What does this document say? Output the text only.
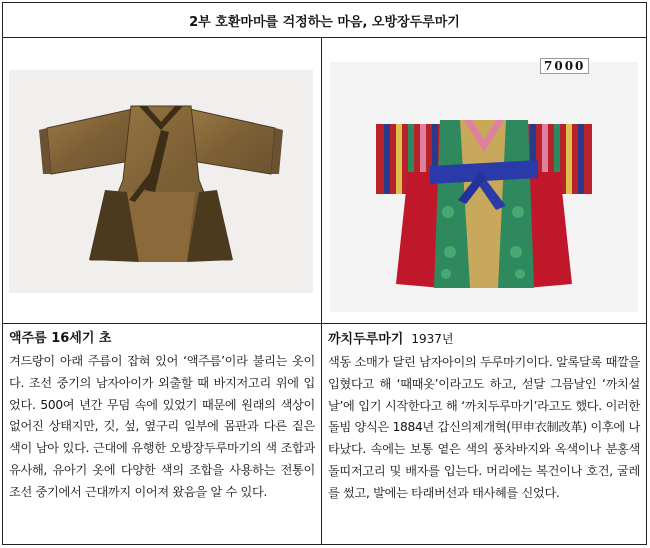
2부 호환마마를 걱정하는 마음, 오방장두루마기
7000
액주름 16세기 초
겨드랑이 아래 주름이 잡혀 있어 ‘액주름’이라 불리는 옷이다. 조선 중기의 남자아이가 외출할 때 바지저고리 위에 입었다. 500여 년간 무덤 속에 있었기 때문에 원래의 색상이 없어진 상태지만, 깃, 섶, 옆구리 일부에 몸판과 다른 짙은 색이 남아 있다. 근대에 유행한 오방장두루마기의 색 조합과 유사해, 유아기 옷에 다양한 색의 조합을 사용하는 전통이 조선 중기에서 근대까지 이어져 왔음을 알 수 있다.
까치두루마기 1937년
색동 소매가 달린 남자아이의 두루마기이다. 알록달록 때깔을 입혔다고 해 ‘때때옷’이라고도 하고, 섣달 그믐날인 ‘까치설날’에 입기 시작한다고 해 ‘까치두루마기’라고도 했다. 이러한 돌빔 양식은 1884년 갑신의제개혁(甲申衣制改革) 이후에 나타났다. 속에는 보통 옅은 색의 풍차바지와 옥색이나 분홍색 돌띠저고리 및 배자를 입는다. 머리에는 복건이나 호건, 굴레를 썼고, 발에는 타래버선과 태사혜를 신었다.
